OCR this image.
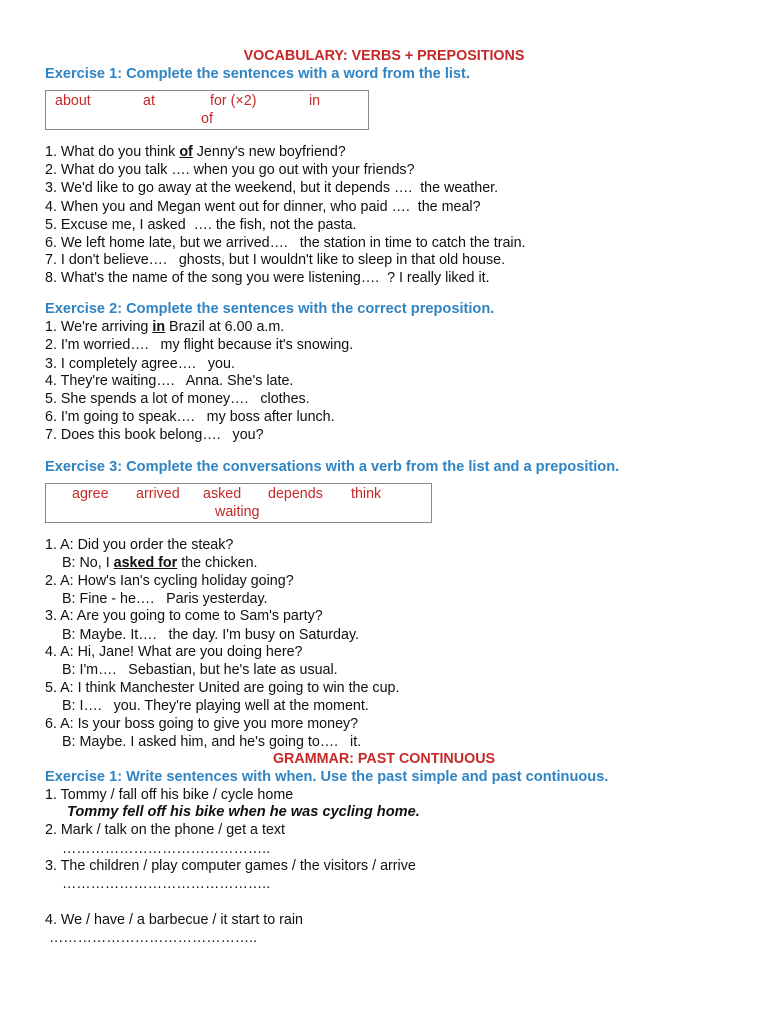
VOCABULARY: VERBS + PREPOSITIONS
Exercise 1: Complete the sentences with a word from the list.
about	at	for (×2)	in
of
1. What do you think of Jenny's new boyfriend?
2. What do you talk …. when you go out with your friends?
3. We'd like to go away at the weekend, but it depends ….  the weather.
4. When you and Megan went out for dinner, who paid ….  the meal?
5. Excuse me, I asked  …. the fish, not the pasta.
6. We left home late, but we arrived….   the station in time to catch the train.
7. I don't believe….   ghosts, but I wouldn't like to sleep in that old house.
8. What's the name of the song you were listening….  ? I really liked it.
Exercise 2: Complete the sentences with the correct preposition.
1. We're arriving in Brazil at 6.00 a.m.
2. I'm worried….   my flight because it's snowing.
3. I completely agree….   you.
4. They're waiting….   Anna. She's late.
5. She spends a lot of money….   clothes.
6. I'm going to speak….   my boss after lunch.
7. Does this book belong….   you?
Exercise 3: Complete the conversations with a verb from the list and a preposition.
agree arrived asked depends think
waiting
1. A: Did you order the steak?
B: No, I asked for the chicken.
2. A: How's Ian's cycling holiday going?
B: Fine - he….   Paris yesterday.
3. A: Are you going to come to Sam's party?
B: Maybe. It….   the day. I'm busy on Saturday.
4. A: Hi, Jane! What are you doing here?
B: I'm….   Sebastian, but he's late as usual.
5. A: I think Manchester United are going to win the cup.
B: I….   you. They're playing well at the moment.
6. A: Is your boss going to give you more money?
B: Maybe. I asked him, and he's going to….   it.
GRAMMAR: PAST CONTINUOUS
Exercise 1: Write sentences with when. Use the past simple and past continuous.
1. Tommy / fall off his bike / cycle home
Tommy fell off his bike when he was cycling home.
2. Mark / talk on the phone / get a text
……………………………………..
3. The children / play computer games / the visitors / arrive
……………………………………..
4. We / have / a barbecue / it start to rain
……………………………………..
